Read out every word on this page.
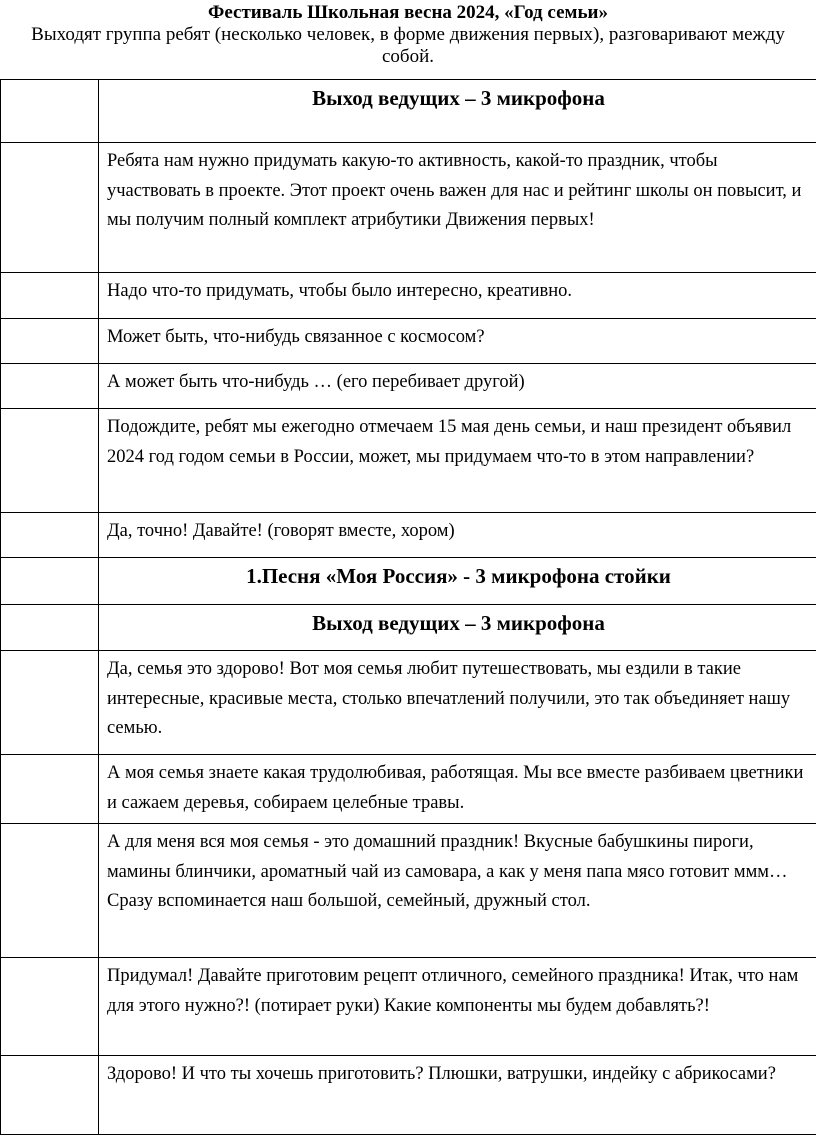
Фестиваль Школьная весна 2024, «Год семьи»

Выходят группа ребят (несколько человек, в форме движения первых), разговаривают между собой.

	Выход ведущих – 3 микрофона

	Ребята нам нужно придумать какую-то активность, какой-то праздник, чтобы участвовать в проекте. Этот проект очень важен для нас и рейтинг школы он повысит, и мы получим полный комплект атрибутики Движения первых!

	Надо что-то придумать, чтобы было интересно, креативно.

	Может быть, что-нибудь связанное с космосом?

	А может быть что-нибудь … (его перебивает другой)

	Подождите, ребят мы ежегодно отмечаем 15 мая день семьи, и наш президент объявил 2024 год годом семьи в России, может, мы придумаем что-то в этом направлении?

	Да, точно! Давайте! (говорят вместе, хором)

	1.Песня «Моя Россия» - 3 микрофона стойки

	Выход ведущих – 3 микрофона

	Да, семья это здорово! Вот моя семья любит путешествовать, мы ездили в такие интересные, красивые места, столько впечатлений получили, это так объединяет нашу семью.

	А моя семья знаете какая трудолюбивая, работящая. Мы все вместе разбиваем цветники и сажаем деревья, собираем целебные травы.

	А для меня вся моя семья - это домашний праздник! Вкусные бабушкины пироги, мамины блинчики, ароматный чай из самовара, а как у меня папа мясо готовит ммм… Сразу вспоминается наш большой, семейный, дружный стол.

	Придумал! Давайте приготовим рецепт отличного, семейного праздника! Итак, что нам для этого нужно?! (потирает руки) Какие компоненты мы будем добавлять?!

	Здорово! И что ты хочешь приготовить? Плюшки, ватрушки, индейку с абрикосами?
